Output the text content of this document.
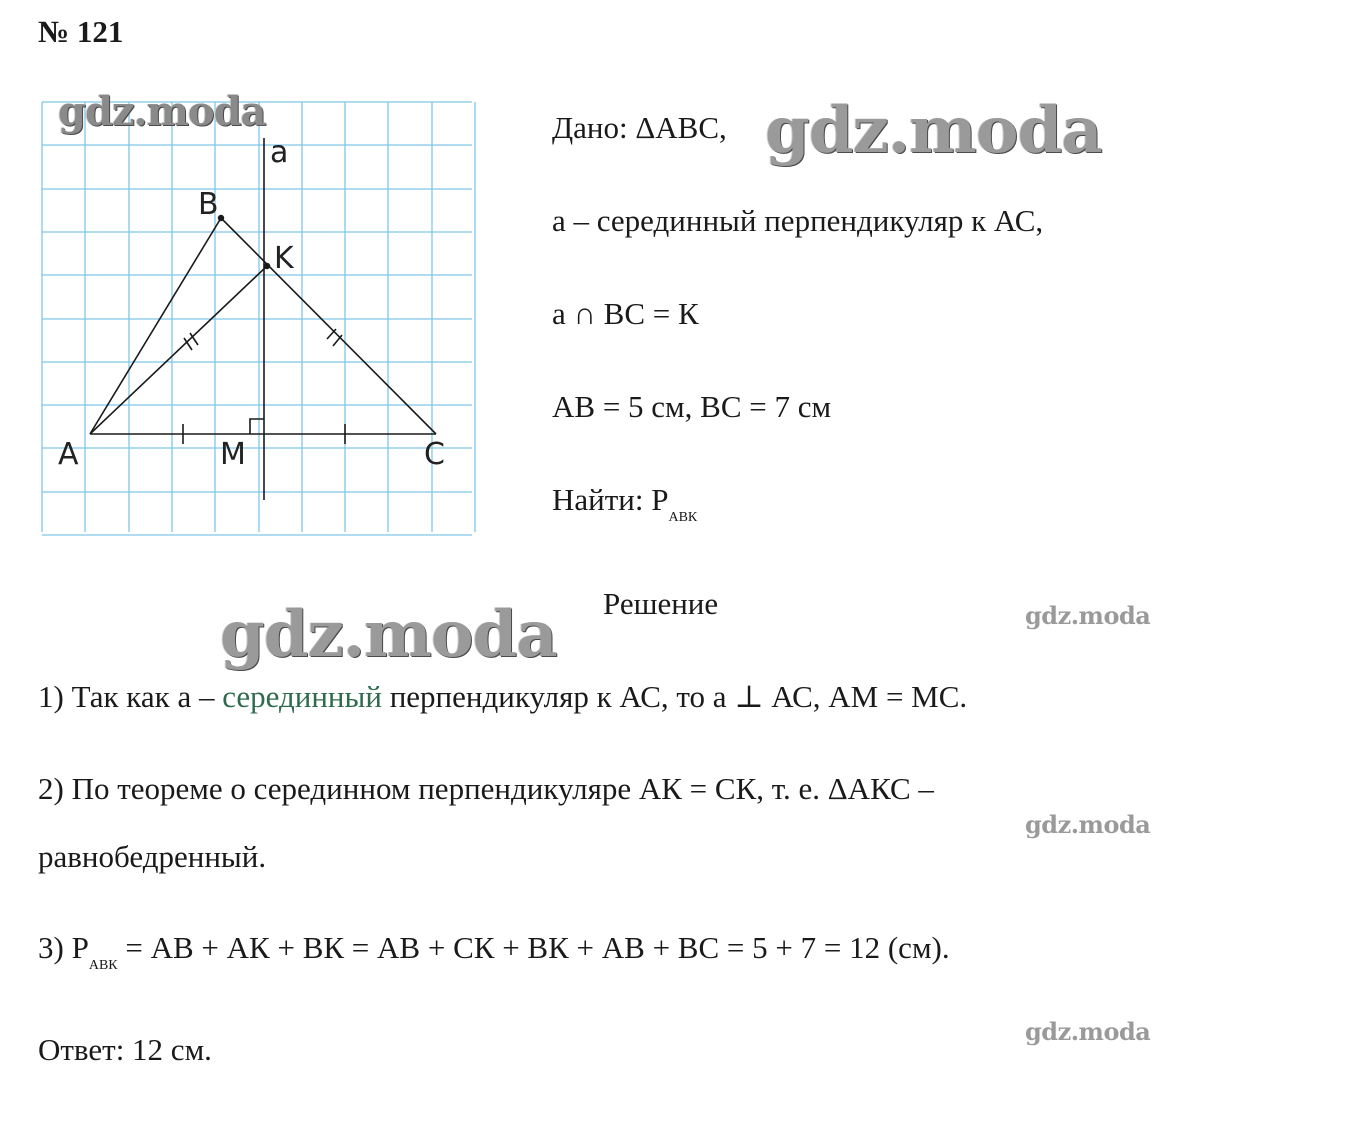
№ 121
a
B
K
A	M	C
Дано: ΔАВС,
а – серединный перпендикуляр к АС,
а ∩ ВС = К
АВ = 5 см, ВС = 7 см
Найти: $Р_{АВК}$
Решение
1) Так как а – серединный перпендикуляр к АС, то а ⊥ АС, АМ = МС.
2) По теореме о серединном перпендикуляре АК = СК, т. е. ΔАКС –
равнобедренный.
3) $Р_{АВК}$ = АВ + АК + ВК = АВ + СК + ВК + АВ + ВС = 5 + 7 = 12 (см).
Ответ: 12 см.
gdz.moda	gdz.moda
gdz.moda	gdz.moda
gdz.moda
gdz.moda
